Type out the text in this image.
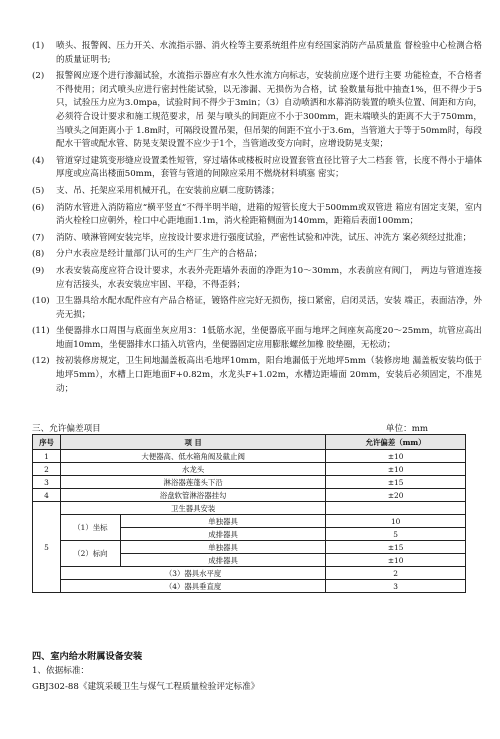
(1)	喷头、报警阀、压力开关、水流指示器、消火栓等主要系统组件应有经国家消防产品质量监 督检验中心检测合格的质量证明书;
(2)	报警阀应逐个进行渗漏试验，水流指示器应有水久性水流方向标志，安装前应逐个进行主要 功能检查，不合格者不得使用；闭式喷头应进行密封性能试验，以无渗漏、无损伤为合格，试 验数量每批中抽查1%，但不得少于5只，试验压力应为3.0mpa，试验时间不得少于3min；（3）自动喷洒和水幕消防装置的喷头位置、间距和方向，必须符合设计要求和施工规范要求，吊 架与喷头的间距应不小于300mm，距未端喷头的距离不大于750mm，当喷头之间距离小于 1.8m时，可隔段设置吊架，但吊架的间距不宜小于3.6m，当管道大于等于50mm时，每段 配水干管或配水管、防晃支架设置不应少于1个，当管道改变方向时，应增设防晃支架；
(4)	管道穿过建筑变形缝应设置柔性短管，穿过墙体或楼板时应设置套管直径比管子大二档套 管，长度不得小于墙体厚度或应高出楼面50mm，套管与管道的间隙应采用不燃烧材料填塞 密实；
(5)	支、吊、托架应采用机械开孔，在安装前应刷二度防锈漆；
(6)	消防水管进入消防箱应“横平竖直”不得半明半暗，进箱的短管长度大于500mm或双管进 箱应有固定支架，室内消火栓栓口应朝外，栓口中心距地面1.1m，消火栓距箱侧面为140mm，距箱后表面100mm；
(7)	消防、喷淋管网安装完毕，应按设计要求进行强度试验，严密性试验和冲洗，试压、冲洗方 案必须经过批准；
(8)	分户水表应是经计量部门认可的生产厂生产的合格品；
(9)	水表安装高度应符合设计要求，水表外壳距墙外表面的净距为10～30mm，水表前应有阀门， 两边与管道连接应有活接头，水表安装应牢固、平稳，不得歪斜；
(10) 卫生器具给水配水配件应有产品合格证，镀铬件应完好无损伤，接口紧密，启闭灵活，安装 端正，表面洁净，外壳无损；
(11) 坐便器排水口周围与底面坐灰应用3：1低筋水泥，坐便器底平面与地坪之间座灰高度20～25mm，坑管应高出地面10mm，坐便器排水口插入坑管内，坐便器固定应用膨胀螺丝加橡 胶垫圈，无松动；
(12) 按初装修房规定，卫生间地漏盖板高出毛地坪10mm，阳台地漏低于光地坪5mm（装修房地 漏盖板安装均低于地坪5mm），水槽上口距地面F+0.82m，水龙头F+1.02m，水槽边距墙面 20mm，安装后必须固定，不准晃动；
三、允许偏差项目	单位：mm
序号	项 目		允许偏差（mm）
1	大便器高、低水箱角阀及截止阀		±10
2	水龙头		±10
3	淋浴器莲蓬头下沿		±15
4	浴盘软管淋浴器挂勾		±20
5	卫生器具安装		
	（1）坐标	单独器具	10
		成排器具	5
	（2）标向	单独器具	±15
		成排器具	±10
	（3）器具水平度		2
	（4）器具垂直度		3
四、室内给水附属设备安装
1、依据标准：
GBJ302-88《建筑采暖卫生与煤气工程质量检验评定标准》
